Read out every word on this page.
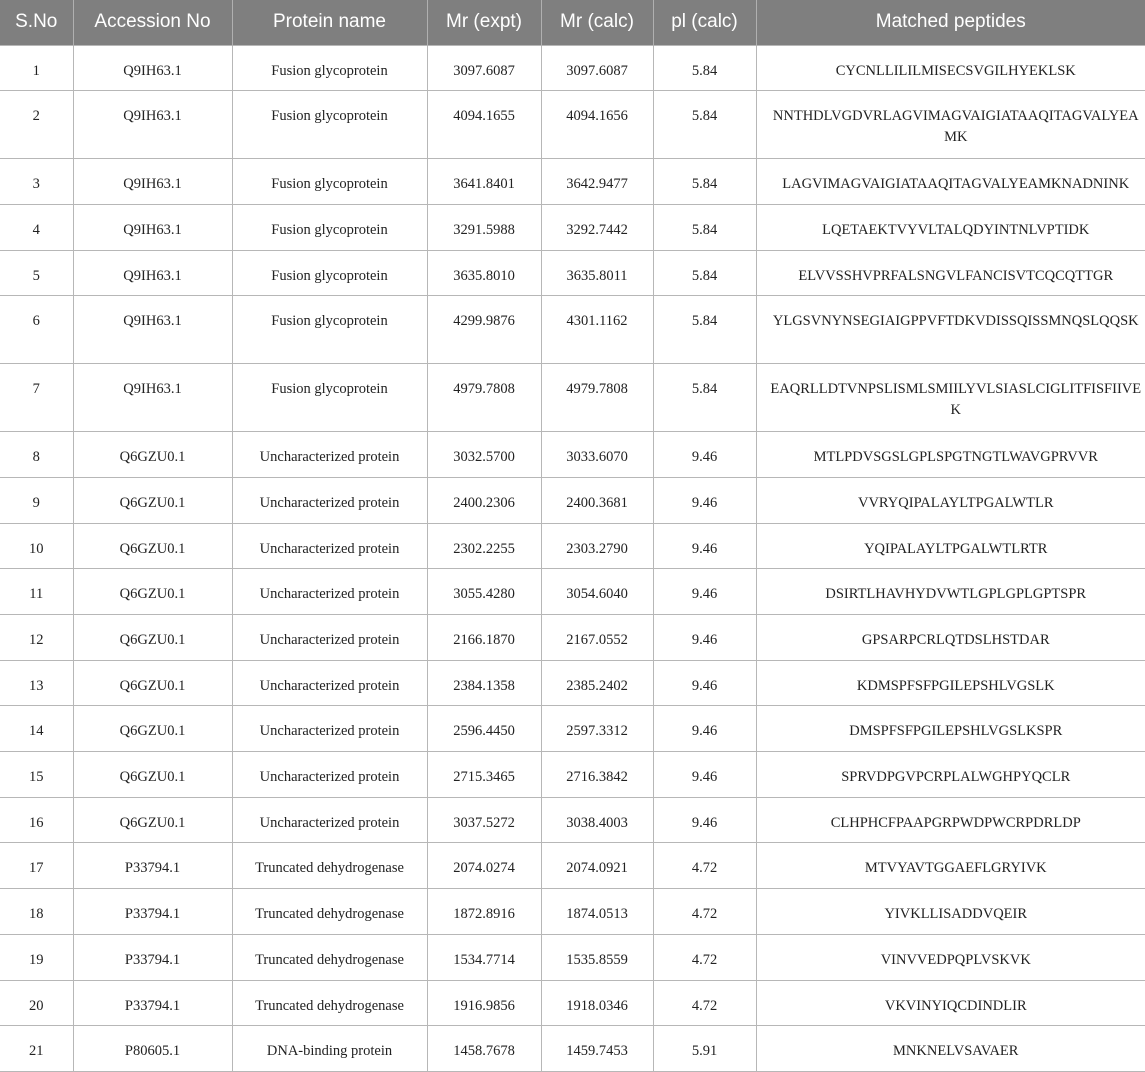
S.No	Accession No	Protein name	Mr (expt)	Mr (calc)	pl (calc)	Matched peptides
1	Q9IH63.1	Fusion glycoprotein	3097.6087	3097.6087	5.84	CYCNLLILILMISECSVGILHYEKLSK
2	Q9IH63.1	Fusion glycoprotein	4094.1655	4094.1656	5.84	NNTHDLVGDVRLAGVIMAGVAIGIATAAQITAGVALYEAMK
3	Q9IH63.1	Fusion glycoprotein	3641.8401	3642.9477	5.84	LAGVIMAGVAIGIATAAQITAGVALYEAMKNADNINK
4	Q9IH63.1	Fusion glycoprotein	3291.5988	3292.7442	5.84	LQETAEKTVYVLTALQDYINTNLVPTIDK
5	Q9IH63.1	Fusion glycoprotein	3635.8010	3635.8011	5.84	ELVVSSHVPRFALSNGVLFANCISVTCQCQTTGR
6	Q9IH63.1	Fusion glycoprotein	4299.9876	4301.1162	5.84	YLGSVNYNSEGIAIGPPVFTDKVDISSQISSMNQSLQQSK
7	Q9IH63.1	Fusion glycoprotein	4979.7808	4979.7808	5.84	EAQRLLDTVNPSLISMLSMIILYVLSIASLCIGLITFISFIIVEK
8	Q6GZU0.1	Uncharacterized protein	3032.5700	3033.6070	9.46	MTLPDVSGSLGPLSPGTNGTLWAVGPRVVR
9	Q6GZU0.1	Uncharacterized protein	2400.2306	2400.3681	9.46	VVRYQIPALAYLTPGALWTLR
10	Q6GZU0.1	Uncharacterized protein	2302.2255	2303.2790	9.46	YQIPALAYLTPGALWTLRTR
11	Q6GZU0.1	Uncharacterized protein	3055.4280	3054.6040	9.46	DSIRTLHAVHYDVWTLGPLGPLGPTSPR
12	Q6GZU0.1	Uncharacterized protein	2166.1870	2167.0552	9.46	GPSARPCRLQTDSLHSTDAR
13	Q6GZU0.1	Uncharacterized protein	2384.1358	2385.2402	9.46	KDMSPFSFPGILEPSHLVGSLK
14	Q6GZU0.1	Uncharacterized protein	2596.4450	2597.3312	9.46	DMSPFSFPGILEPSHLVGSLKSPR
15	Q6GZU0.1	Uncharacterized protein	2715.3465	2716.3842	9.46	SPRVDPGVPCRPLALWGHPYQCLR
16	Q6GZU0.1	Uncharacterized protein	3037.5272	3038.4003	9.46	CLHPHCFPAAPGRPWDPWCRPDRLDP
17	P33794.1	Truncated dehydrogenase	2074.0274	2074.0921	4.72	MTVYAVTGGAEFLGRYIVK
18	P33794.1	Truncated dehydrogenase	1872.8916	1874.0513	4.72	YIVKLLISADDVQEIR
19	P33794.1	Truncated dehydrogenase	1534.7714	1535.8559	4.72	VINVVEDPQPLVSKVK
20	P33794.1	Truncated dehydrogenase	1916.9856	1918.0346	4.72	VKVINYIQCDINDLIR
21	P80605.1	DNA-binding protein	1458.7678	1459.7453	5.91	MNKNELVSAVAER
